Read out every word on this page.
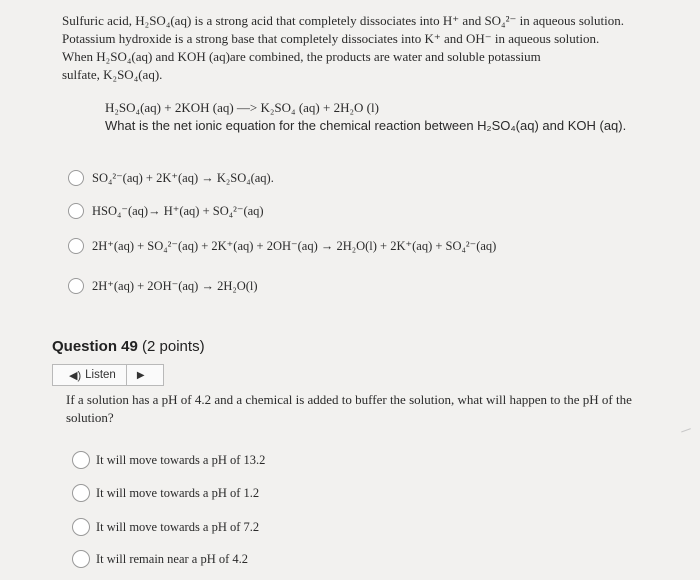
Sulfuric acid, H₂SO₄(aq) is a strong acid that completely dissociates into H⁺ and SO₄²⁻ in aqueous solution.

Potassium hydroxide is a strong base that completely dissociates into K⁺ and OH⁻ in aqueous solution.

When H₂SO₄(aq) and KOH (aq)are combined, the products are water and soluble potassium

sulfate, K₂SO₄(aq).

H₂SO₄(aq) + 2KOH (aq) —> K₂SO₄ (aq) + 2H₂O (l)
What is the net ionic equation for the chemical reaction between H₂SO₄(aq) and KOH (aq).
SO₄²⁻(aq) + 2K⁺(aq) → K₂SO₄(aq).
HSO₄⁻(aq)→ H⁺(aq) + SO₄²⁻(aq)
2H⁺(aq) + SO₄²⁻(aq) + 2K⁺(aq) + 2OH⁻(aq) → 2H₂O(l) + 2K⁺(aq) + SO₄²⁻(aq)
2H⁺(aq) + 2OH⁻(aq) → 2H₂O(l)
Question 49 (2 points)
◀) Listen ▶
If a solution has a pH of 4.2 and a chemical is added to buffer the solution, what will happen to the pH of the solution?
It will move towards a pH of 13.2
It will move towards a pH of 1.2
It will move towards a pH of 7.2
It will remain near a pH of 4.2
